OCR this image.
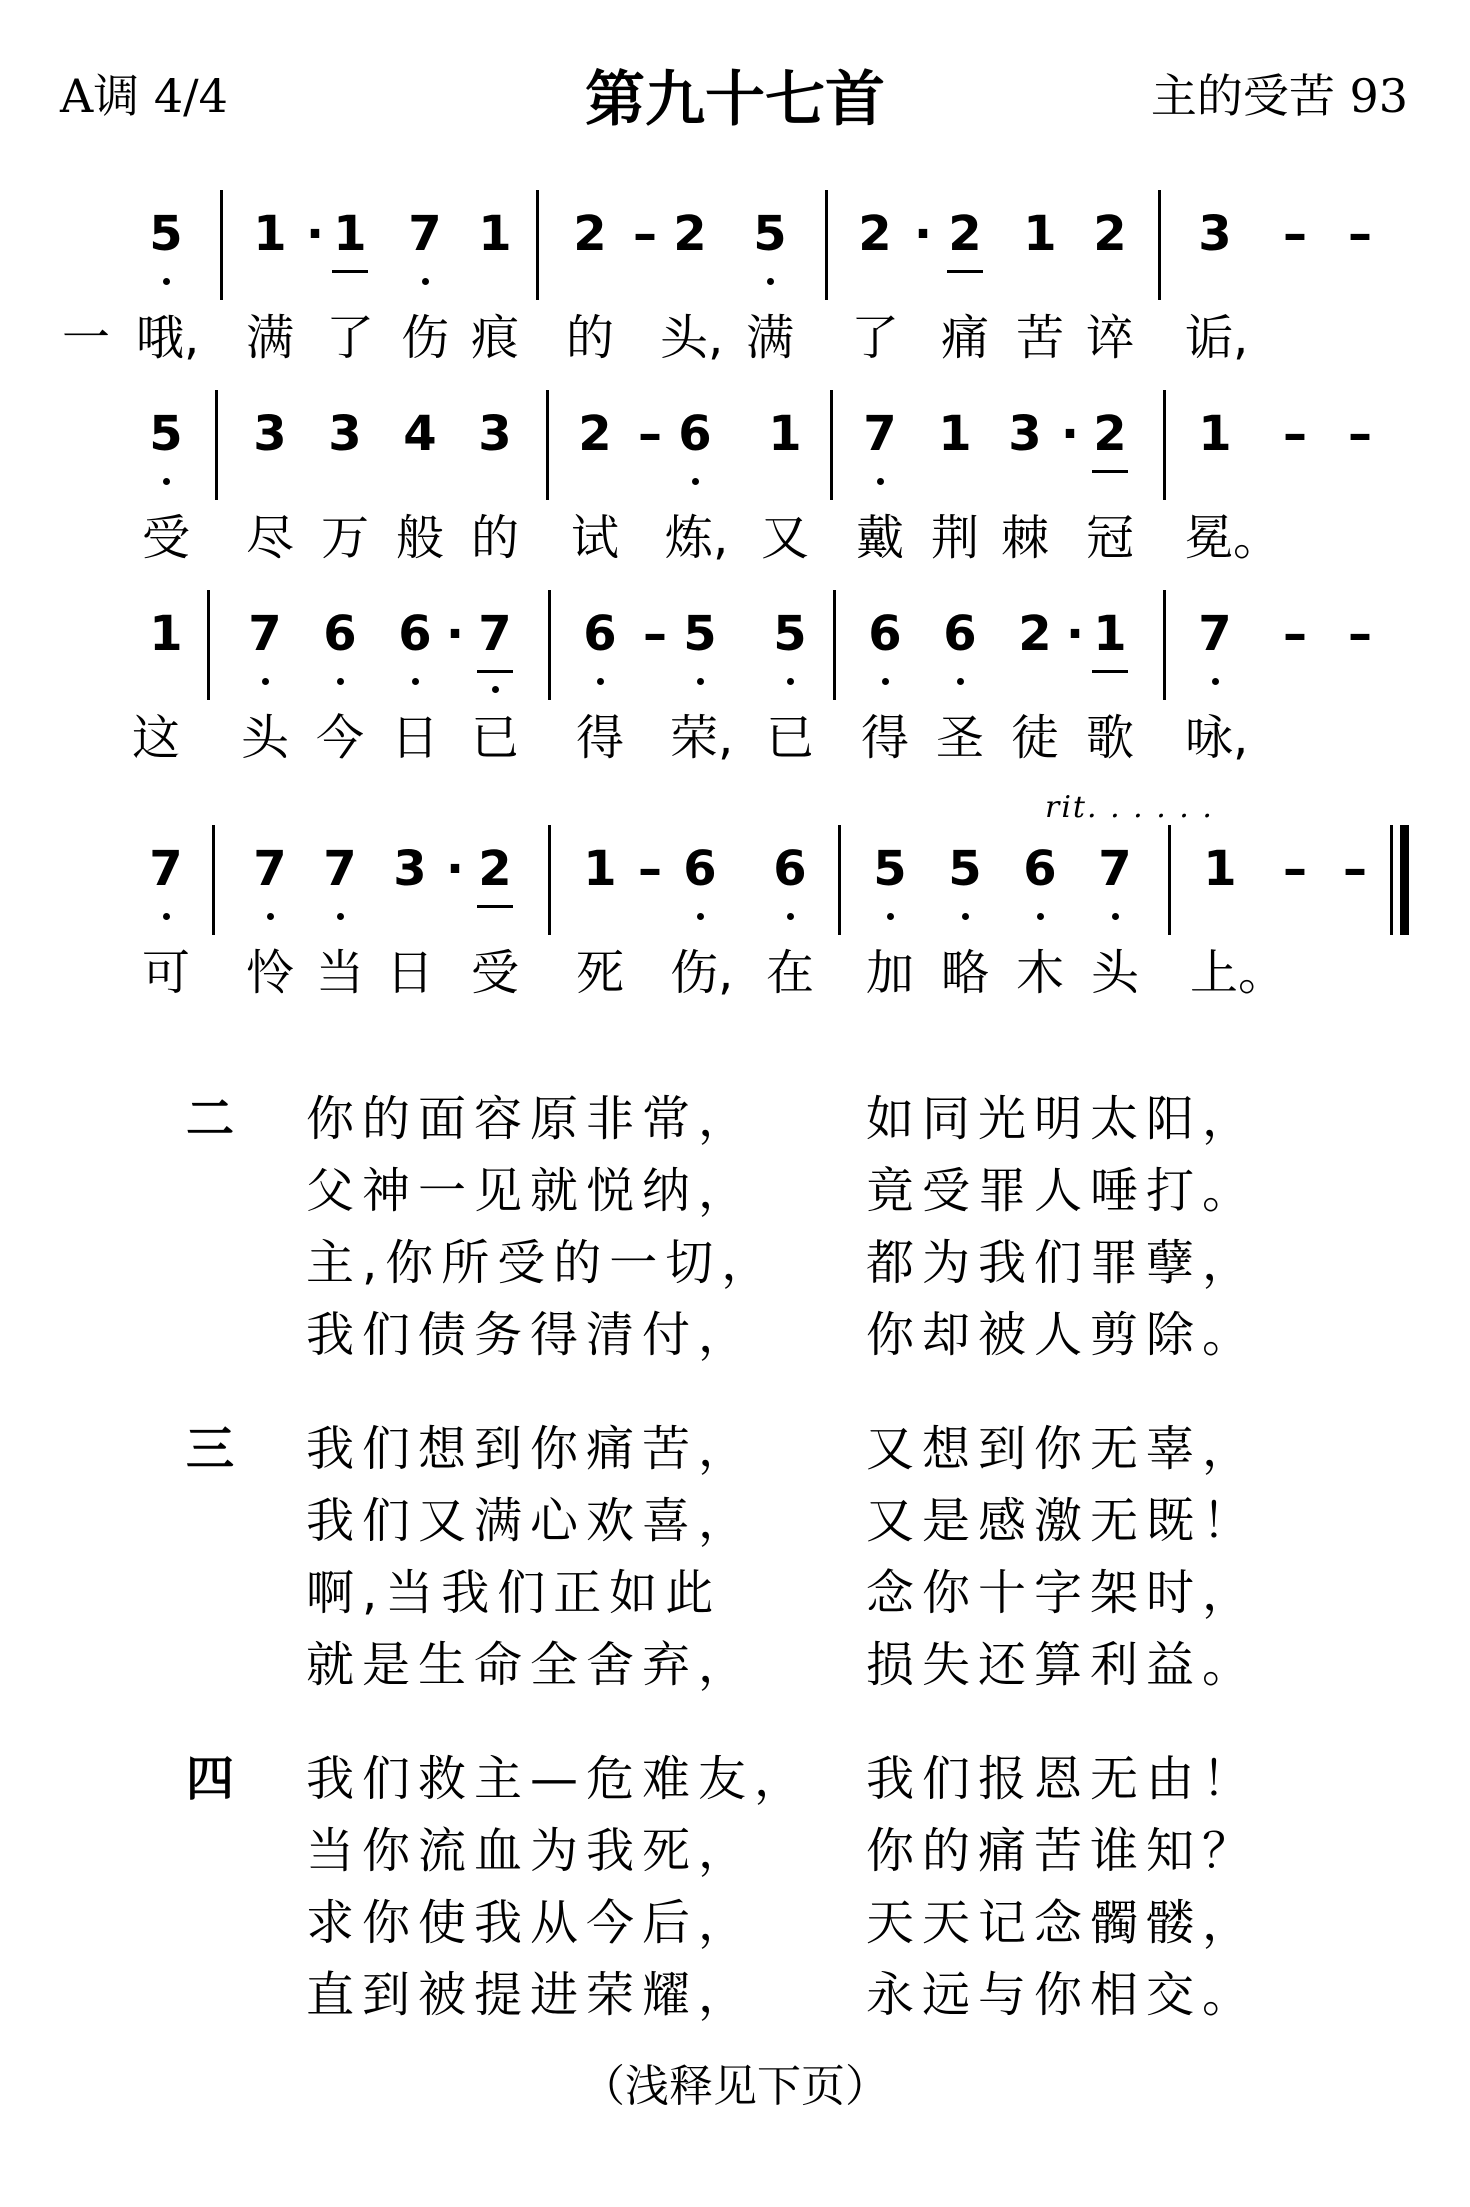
A调 4/4	第九十七首	主的受苦 93
5 1 · 1 7 1 2 – 2 5 2 · 2 1 2 3	– –
一 哦, 满 了 伤 痕 的 头, 满 了 痛 苦 谇 诟,
5 3 3 4 3 2 – 6 1 7 1 3 · 2 1	– –
受 尽 万 般 的 试 炼, 又 戴 荆 棘 冠 冕。
1 7 6 6 · 7 6 – 5 5 6 6 2 · 1 7	– –
这 头 今 日 已 得 荣, 已 得 圣 徒 歌 咏,
rit. . . . . .
7 7 7 3 · 2 1 – 6 6 5 5 6 7 1 – –
可 怜 当 日 受 死 伤, 在 加 略 木 头 上。
二 你的面容原非常， 如同光明太阳，
父神一见就悦纳， 竟受罪人唾打。
主,你所受的一切， 都为我们罪孽，
我们债务得清付， 你却被人剪除。
三 我们想到你痛苦， 又想到你无辜，
我们又满心欢喜， 又是感激无既！
啊,当我们正如此	念你十字架时，
就是生命全舍弃， 损失还算利益。
四 我们救主—危难友， 我们报恩无由！
当你流血为我死， 你的痛苦谁知？
求你使我从今后， 天天记念髑髅，
直到被提进荣耀， 永远与你相交。
（浅释见下页）
